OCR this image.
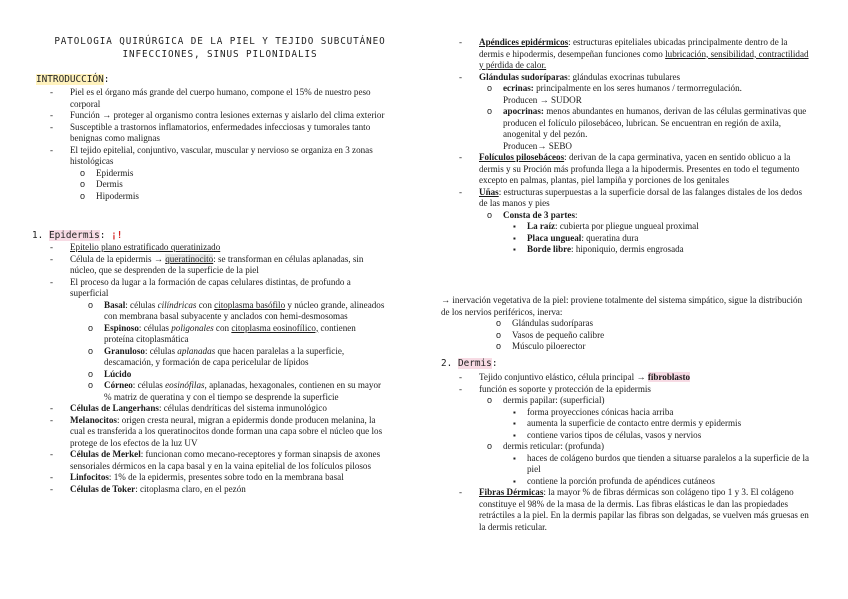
PATOLOGIA QUIRÚRGICA DE LA PIEL Y TEJIDO SUBCUTÁNEO
INFECCIONES, SINUS PILONIDALIS
INTRODUCCIÓN:
- Piel es el órgano más grande del cuerpo humano, compone el 15% de nuestro peso corporal
- Función → proteger al organismo contra lesiones externas y aislarlo del clima exterior
- Susceptible a trastornos inflamatorios, enfermedades infecciosas y tumorales tanto benignas como malignas
- El tejido epitelial, conjuntivo, vascular, muscular y nervioso se organiza en 3 zonas histológicas
o Epidermis
o Dermis
o Hipodermis
1. Epidermis: ¡!
- Epitelio plano estratificado queratinizado
- Célula de la epidermis → queratinocito: se transforman en células aplanadas, sin núcleo, que se desprenden de la superficie de la piel
- El proceso da lugar a la formación de capas celulares distintas, de profundo a superficial
o Basal: células cilíndricas con citoplasma basófilo y núcleo grande, alineados con membrana basal subyacente y anclados con hemi-desmosomas
o Espinoso: células poligonales con citoplasma eosinofílico, contienen proteína citoplasmática
o Granuloso: células aplanadas que hacen paralelas a la superficie, descamación, y formación de capa pericelular de lípidos
o Lúcido
o Córneo: células eosinófilas, aplanadas, hexagonales, contienen en su mayor % matriz de queratina y con el tiempo se desprende la superficie
- Células de Langerhans: células dendríticas del sistema inmunológico
- Melanocitos: origen cresta neural, migran a epidermis donde producen melanina, la cual es transferida a los queratinocitos donde forman una capa sobre el núcleo que los protege de los efectos de la luz UV
- Células de Merkel: funcionan como mecano-receptores y forman sinapsis de axones sensoriales dérmicos en la capa basal y en la vaina epitelial de los folículos pilosos
- Linfocitos: 1% de la epidermis, presentes sobre todo en la membrana basal
- Células de Toker: citoplasma claro, en el pezón
- Apéndices epidérmicos: estructuras epiteliales ubicadas principalmente dentro de la dermis e hipodermis, desempeñan funciones como lubricación, sensibilidad, contractilidad y pérdida de calor.
- Glándulas sudoríparas: glándulas exocrinas tubulares
o ecrinas: principalmente en los seres humanos / termorregulación.
Producen → SUDOR
o apocrinas: menos abundantes en humanos, derivan de las células germinativas que producen el folículo pilosebáceo, lubrican. Se encuentran en región de axila, anogenital y del pezón.
Producen→ SEBO
- Folículos pilosebáceos: derivan de la capa germinativa, yacen en sentido oblicuo a la dermis y su Proción más profunda llega a la hipodermis. Presentes en todo el tegumento excepto en palmas, plantas, piel lampiña y porciones de los genitales
- Uñas: estructuras superpuestas a la superficie dorsal de las falanges distales de los dedos de las manos y pies
o Consta de 3 partes:
▪ La raíz: cubierta por pliegue ungueal proximal
▪ Placa ungueal: queratina dura
▪ Borde libre: hiponiquio, dermis engrosada
→ inervación vegetativa de la piel: proviene totalmente del sistema simpático, sigue la distribución de los nervios periféricos, inerva:
o Glándulas sudoríparas
o Vasos de pequeño calibre
o Músculo piloerector
2. Dermis:
- Tejido conjuntivo elástico, célula principal → fibroblasto
- función es soporte y protección de la epidermis
o dermis papilar: (superficial)
▪ forma proyecciones cónicas hacia arriba
▪ aumenta la superficie de contacto entre dermis y epidermis
▪ contiene varios tipos de células, vasos y nervios
o dermis reticular: (profunda)
▪ haces de colágeno burdos que tienden a situarse paralelos a la superficie de la piel
▪ contiene la porción profunda de apéndices cutáneos
- Fibras Dérmicas: la mayor % de fibras dérmicas son colágeno tipo 1 y 3. El colágeno constituye el 98% de la masa de la dermis. Las fibras elásticas le dan las propiedades retráctiles a la piel. En la dermis papilar las fibras son delgadas, se vuelven más gruesas en la dermis reticular.
